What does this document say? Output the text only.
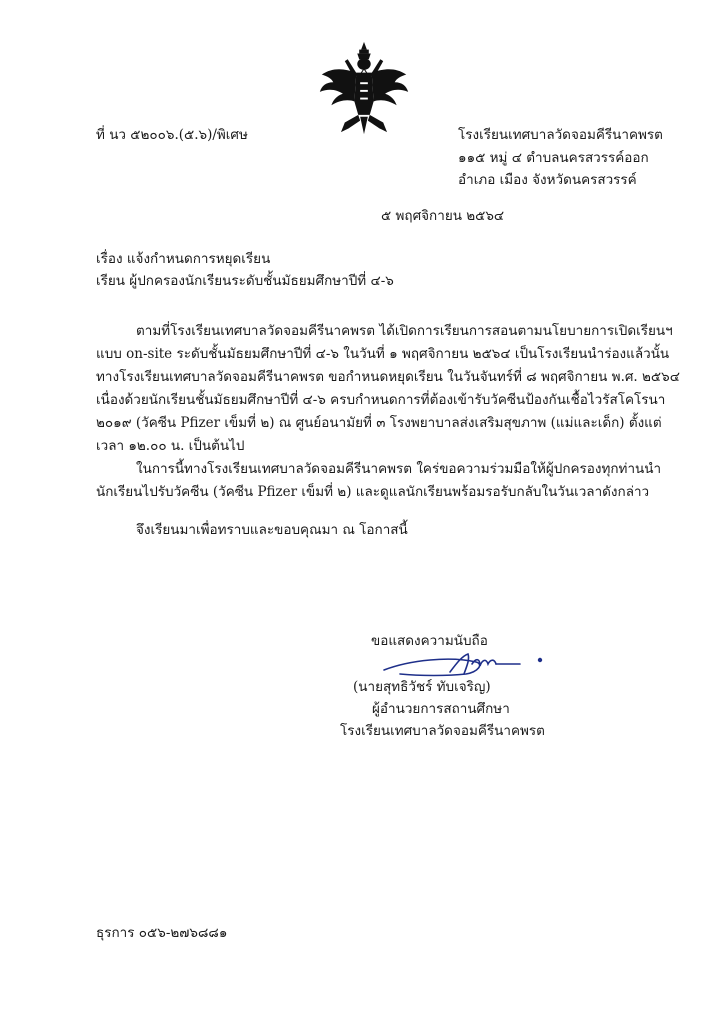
ที่ นว ๕๒๐๐๖.(๕.๖)/พิเศษ	โรงเรียนเทศบาลวัดจอมคีรีนาคพรต
๑๑๕ หมู่ ๔ ตำบลนครสวรรค์ออก
อำเภอ เมือง จังหวัดนครสวรรค์
๕ พฤศจิกายน ๒๕๖๔
เรื่อง แจ้งกำหนดการหยุดเรียน
เรียน ผู้ปกครองนักเรียนระดับชั้นมัธยมศึกษาปีที่ ๔-๖
ตามที่โรงเรียนเทศบาลวัดจอมคีรีนาคพรต ได้เปิดการเรียนการสอนตามนโยบายการเปิดเรียนฯ
แบบ on-site ระดับชั้นมัธยมศึกษาปีที่ ๔-๖ ในวันที่ ๑ พฤศจิกายน ๒๕๖๔ เป็นโรงเรียนนำร่องแล้วนั้น
ทางโรงเรียนเทศบาลวัดจอมคีรีนาคพรต ขอกำหนดหยุดเรียน ในวันจันทร์ที่ ๘ พฤศจิกายน พ.ศ. ๒๕๖๔
เนื่องด้วยนักเรียนชั้นมัธยมศึกษาปีที่ ๔-๖ ครบกำหนดการที่ต้องเข้ารับวัคซีนป้องกันเชื้อไวรัสโคโรนา
๒๐๑๙ (วัคซีน Pfizer เข็มที่ ๒) ณ ศูนย์อนามัยที่ ๓ โรงพยาบาลส่งเสริมสุขภาพ (แม่และเด็ก) ตั้งแต่
เวลา ๑๒.๐๐ น. เป็นต้นไป
ในการนี้ทางโรงเรียนเทศบาลวัดจอมคีรีนาคพรต ใคร่ขอความร่วมมือให้ผู้ปกครองทุกท่านนำ
นักเรียนไปรับวัคซีน (วัคซีน Pfizer เข็มที่ ๒) และดูแลนักเรียนพร้อมรอรับกลับในวันเวลาดังกล่าว
จึงเรียนมาเพื่อทราบและขอบคุณมา ณ โอกาสนี้
ขอแสดงความนับถือ
(นายสุทธิวัชร์ ทับเจริญ)
ผู้อำนวยการสถานศึกษา
โรงเรียนเทศบาลวัดจอมคีรีนาคพรต
ธุรการ ๐๕๖-๒๗๖๘๘๑
